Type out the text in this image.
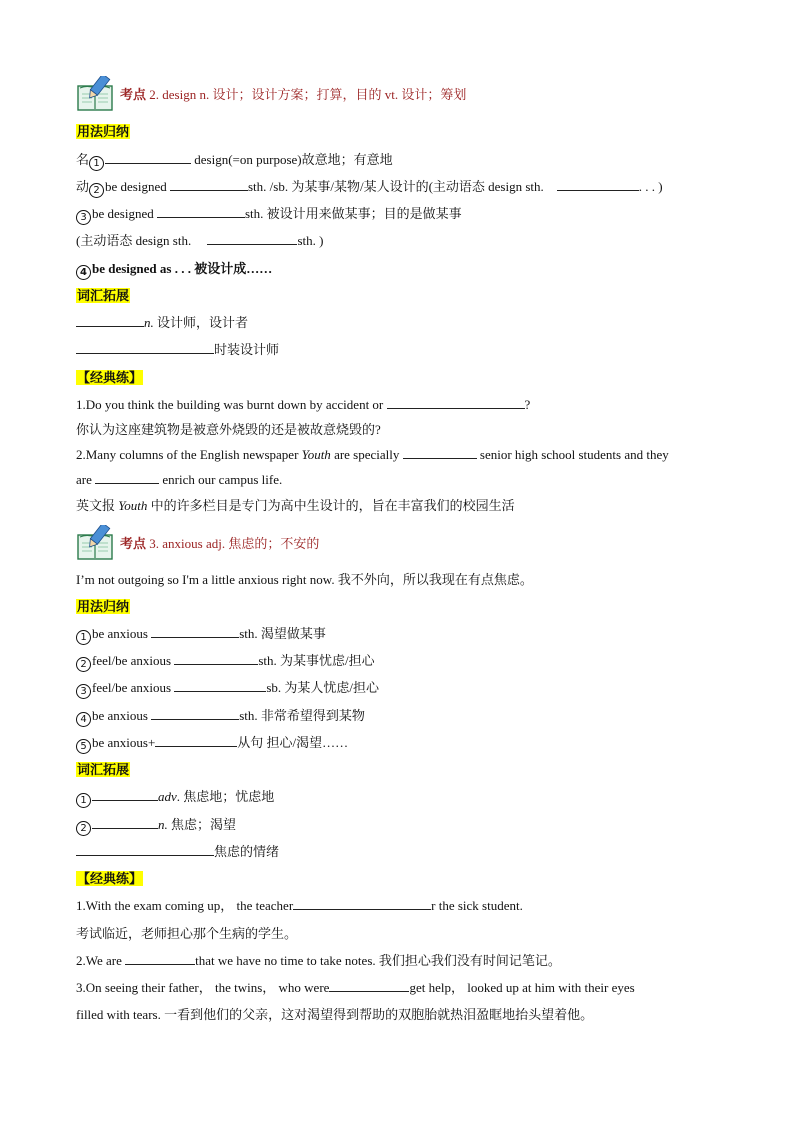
考点 2. design n. 设计；设计方案；打算，目的 vt. 设计；筹划
用法归纳
名 1	design(=on purpose)故意地；有意地
动 2 be designed	sth. /sb. 为某事/某物/某人设计的(主动语态 design sth.	. . . )
3 be designed	sth. 被设计用来做某事；目的是做某事
(主动语态 design sth.	sth. )
4 be designed as . . . 被设计成……
词汇拓展
n. 设计师，设计者
时装设计师
【经典练】
1.Do you think the building was burnt down by accident or	?
你认为这座建筑物是被意外烧毁的还是被故意烧毁的?
2.Many columns of the English newspaper Youth are specially	senior high school students and they
are	enrich our campus life.
英文报 Youth 中的许多栏目是专门为高中生设计的，旨在丰富我们的校园生活
考点 3. anxious adj. 焦虑的；不安的
I’m not outgoing so I'm a little anxious right now. 我不外向，所以我现在有点焦虑。
用法归纳
1 be anxious	sth. 渴望做某事
2 feel/be anxious	sth. 为某事忧虑/担心
3 feel/be anxious	sb. 为某人忧虑/担心
4 be anxious	sth. 非常希望得到某物
5 be anxious+	从句 担心/渴望……
词汇拓展
1	adv. 焦虑地；忧虑地
2	n. 焦虑；渴望
焦虑的情绪
【经典练】
1.With the exam coming up， the teacher	r the sick student.
考试临近，老师担心那个生病的学生。
2.We are	that we have no time to take notes. 我们担心我们没有时间记笔记。
3.On seeing their father， the twins， who were	get help， looked up at him with their eyes
filled with tears. 一看到他们的父亲，这对渴望得到帮助的双胞胎就热泪盈眶地抬头望着他。
